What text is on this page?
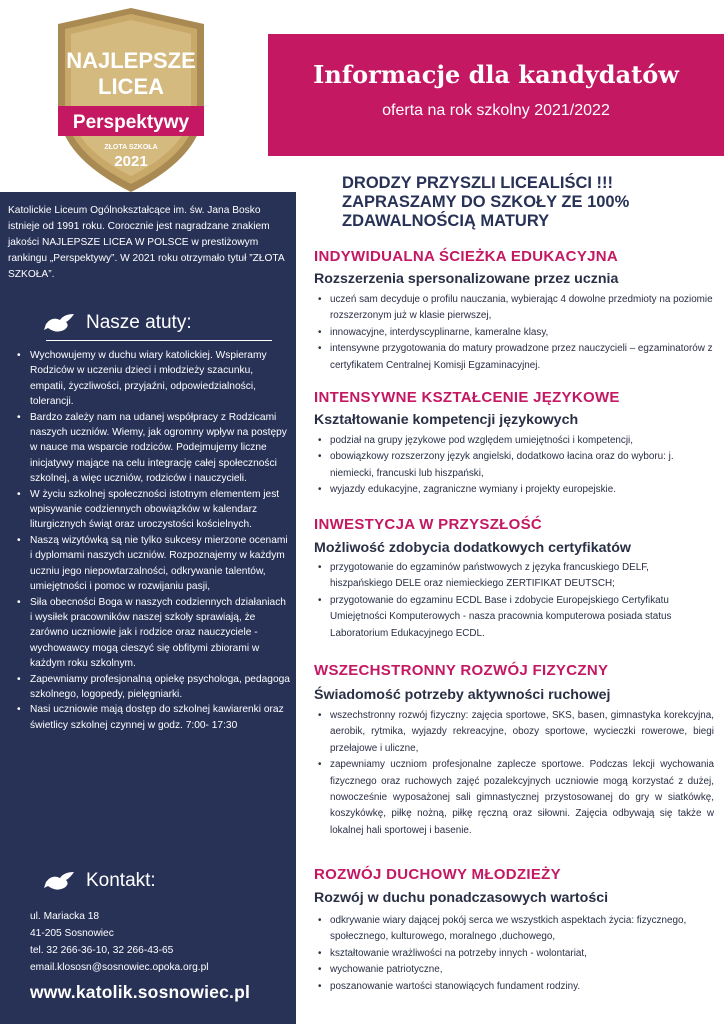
NAJLEPSZE
LICEA
Perspektywy
ZŁOTA SZKOŁA
2021
Informacje dla kandydatów
oferta na rok szkolny 2021/2022

Katolickie Liceum Ogólnokształcące im. św. Jana Bosko istnieje od 1991 roku. Corocznie jest nagradzane znakiem jakości NAJLEPSZE LICEA W POLSCE w prestiżowym rankingu „Perspektywy”. W 2021 roku otrzymało tytuł ”ZŁOTA SZKOŁA”.

Nasze atuty:
• Wychowujemy w duchu wiary katolickiej. Wspieramy Rodziców w uczeniu dzieci i młodzieży szacunku, empatii, życzliwości, przyjaźni, odpowiedzialności, tolerancji.
• Bardzo zależy nam na udanej współpracy z Rodzicami naszych uczniów. Wiemy, jak ogromny wpływ na postępy w nauce ma wsparcie rodziców. Podejmujemy liczne inicjatywy mające na celu integrację całej społeczności szkolnej, a więc uczniów, rodziców i nauczycieli.
• W życiu szkolnej społeczności istotnym elementem jest wpisywanie codziennych obowiązków w kalendarz liturgicznych świąt oraz uroczystości kościelnych.
• Naszą wizytówką są nie tylko sukcesy mierzone ocenami i dyplomami naszych uczniów. Rozpoznajemy w każdym uczniu jego niepowtarzalności, odkrywanie talentów, umiejętności i pomoc w rozwijaniu pasji,
• Siła obecności Boga w naszych codziennych działaniach i wysiłek pracowników naszej szkoły sprawiają, że zarówno uczniowie jak i rodzice oraz nauczyciele - wychowawcy mogą cieszyć się obfitymi zbiorami w każdym roku szkolnym.
• Zapewniamy profesjonalną opiekę psychologa, pedagoga szkolnego, logopedy, pielęgniarki.
• Nasi uczniowie mają dostęp do szkolnej kawiarenki oraz świetlicy szkolnej czynnej w godz. 7:00- 17:30
Kontakt:
ul. Mariacka 18
41-205 Sosnowiec
tel. 32 266-36-10, 32 266-43-65
email.klososn@sosnowiec.opoka.org.pl
www.katolik.sosnowiec.pl
DRODZY PRZYSZLI LICEALIŚCI !!!
ZAPRASZAMY DO SZKOŁY ZE 100%
ZDAWALNOŚCIĄ MATURY
INDYWIDUALNA ŚCIEŻKA EDUKACYJNA
Rozszerzenia spersonalizowane przez ucznia
• uczeń sam decyduje o profilu nauczania, wybierając 4 dowolne przedmioty na poziomie rozszerzonym już w klasie pierwszej,
• innowacyjne, interdyscyplinarne, kameralne klasy,
• intensywne przygotowania do matury prowadzone przez nauczycieli – egzaminatorów z certyfikatem Centralnej Komisji Egzaminacyjnej.
INTENSYWNE KSZTAŁCENIE JĘZYKOWE
Kształtowanie kompetencji językowych
• podział na grupy językowe pod względem umiejętności i kompetencji,
• obowiązkowy rozszerzony język angielski, dodatkowo łacina oraz do wyboru: j. niemiecki, francuski lub hiszpański,
• wyjazdy edukacyjne, zagraniczne wymiany i projekty europejskie.
INWESTYCJA W PRZYSZŁOŚĆ
Możliwość zdobycia dodatkowych certyfikatów
• przygotowanie do egzaminów państwowych z języka francuskiego DELF, hiszpańskiego DELE oraz niemieckiego ZERTIFIKAT DEUTSCH;
• przygotowanie do egzaminu ECDL Base i zdobycie Europejskiego Certyfikatu Umiejętności Komputerowych - nasza pracownia komputerowa posiada status Laboratorium Edukacyjnego ECDL.
WSZECHSTRONNY ROZWÓJ FIZYCZNY
Świadomość potrzeby aktywności ruchowej
• wszechstronny rozwój fizyczny: zajęcia sportowe, SKS, basen, gimnastyka korekcyjna, aerobik, rytmika, wyjazdy rekreacyjne, obozy sportowe, wycieczki rowerowe, biegi przełajowe i uliczne,
• zapewniamy uczniom profesjonalne zaplecze sportowe. Podczas lekcji wychowania fizycznego oraz ruchowych zajęć pozalekcyjnych uczniowie mogą korzystać z dużej, nowocześnie wyposażonej sali gimnastycznej przystosowanej do gry w siatkówkę, koszykówkę, piłkę nożną, piłkę ręczną oraz siłowni. Zajęcia odbywają się także w lokalnej hali sportowej i basenie.
ROZWÓJ DUCHOWY MŁODZIEŻY
Rozwój w duchu ponadczasowych wartości
• odkrywanie wiary dającej pokój serca we wszystkich aspektach życia: fizycznego, społecznego, kulturowego, moralnego ,duchowego,
• kształtowanie wrażliwości na potrzeby innych - wolontariat,
• wychowanie patriotyczne,
• poszanowanie wartości stanowiących fundament rodziny.
